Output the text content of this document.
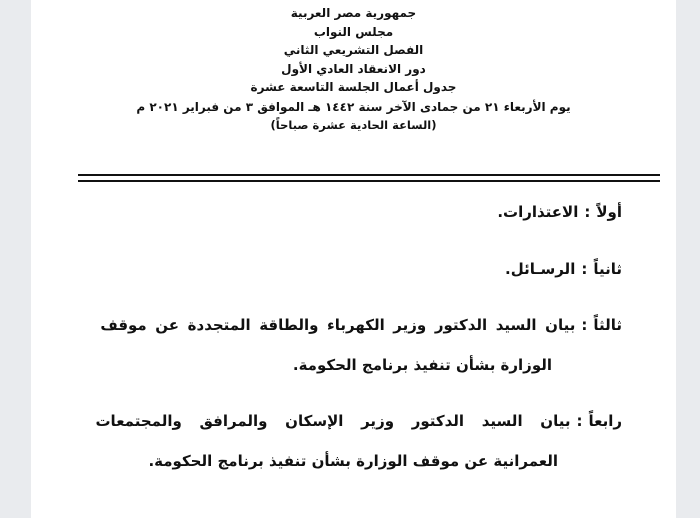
جمهورية مصر العربية
مجلس النواب
الفصل التشريعي الثاني
دور الانعقاد العادي الأول
جدول أعمال الجلسة التاسعة عشرة
يوم الأربعاء ٢١ من جمادى الآخر سنة ١٤٤٢ هـ الموافق ٣ من فبراير ٢٠٢١ م
(الساعة الحادية عشرة صباحاً)
أولاً:الاعتذارات.
ثانياً:الرسـائل.
ثالثاً:بيان السيد الدكتور وزير الكهرباء والطاقة المتجددة عن موقف
الوزارة بشأن تنفيذ برنامج الحكومة.
رابعاً:بيان السيد الدكتور وزير الإسكان والمرافق والمجتمعات
العمرانية عن موقف الوزارة بشأن تنفيذ برنامج الحكومة.
